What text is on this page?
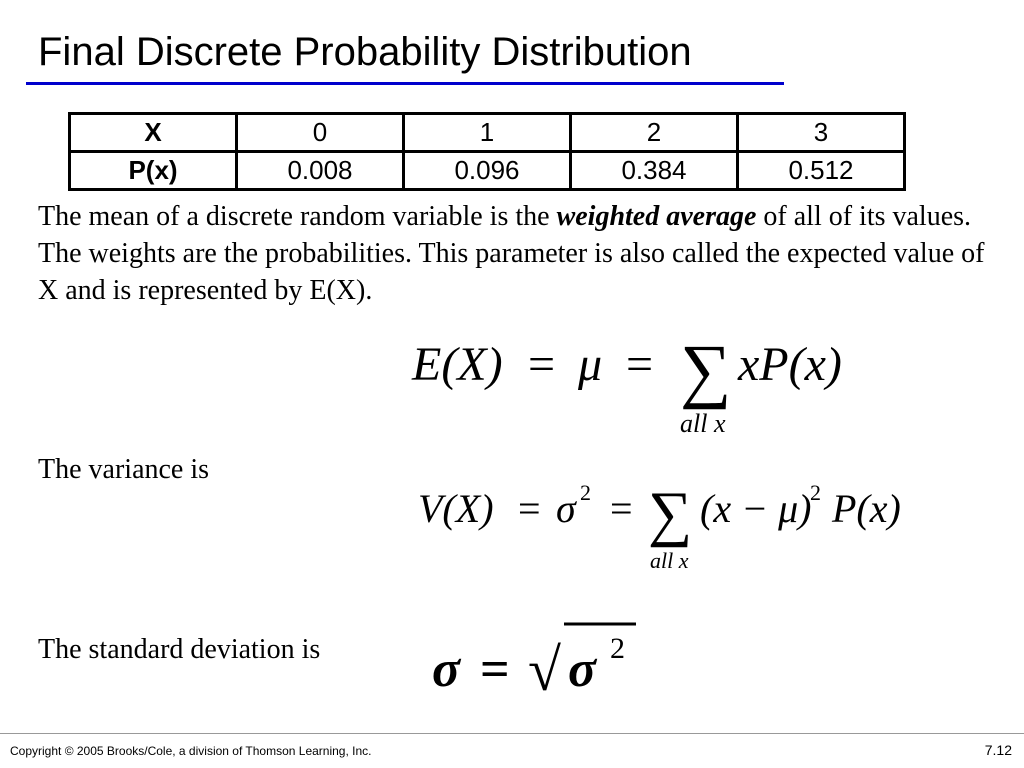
Final Discrete Probability Distribution
X	0	1	2	3
P(x)	0.008	0.096	0.384	0.512
The mean of a discrete random variable is the weighted average of all of its values. The weights are the probabilities. This parameter is also called the expected value of X and is represented by E(X).
E(X) = μ = ∑ xP(x)
all x
The variance is
V(X) = σ 2 = ∑ (x − μ)
2 P(x)
all x
The standard deviation is σ = √ σ 2
Copyright © 2005 Brooks/Cole, a division of Thomson Learning, Inc.	7.12
